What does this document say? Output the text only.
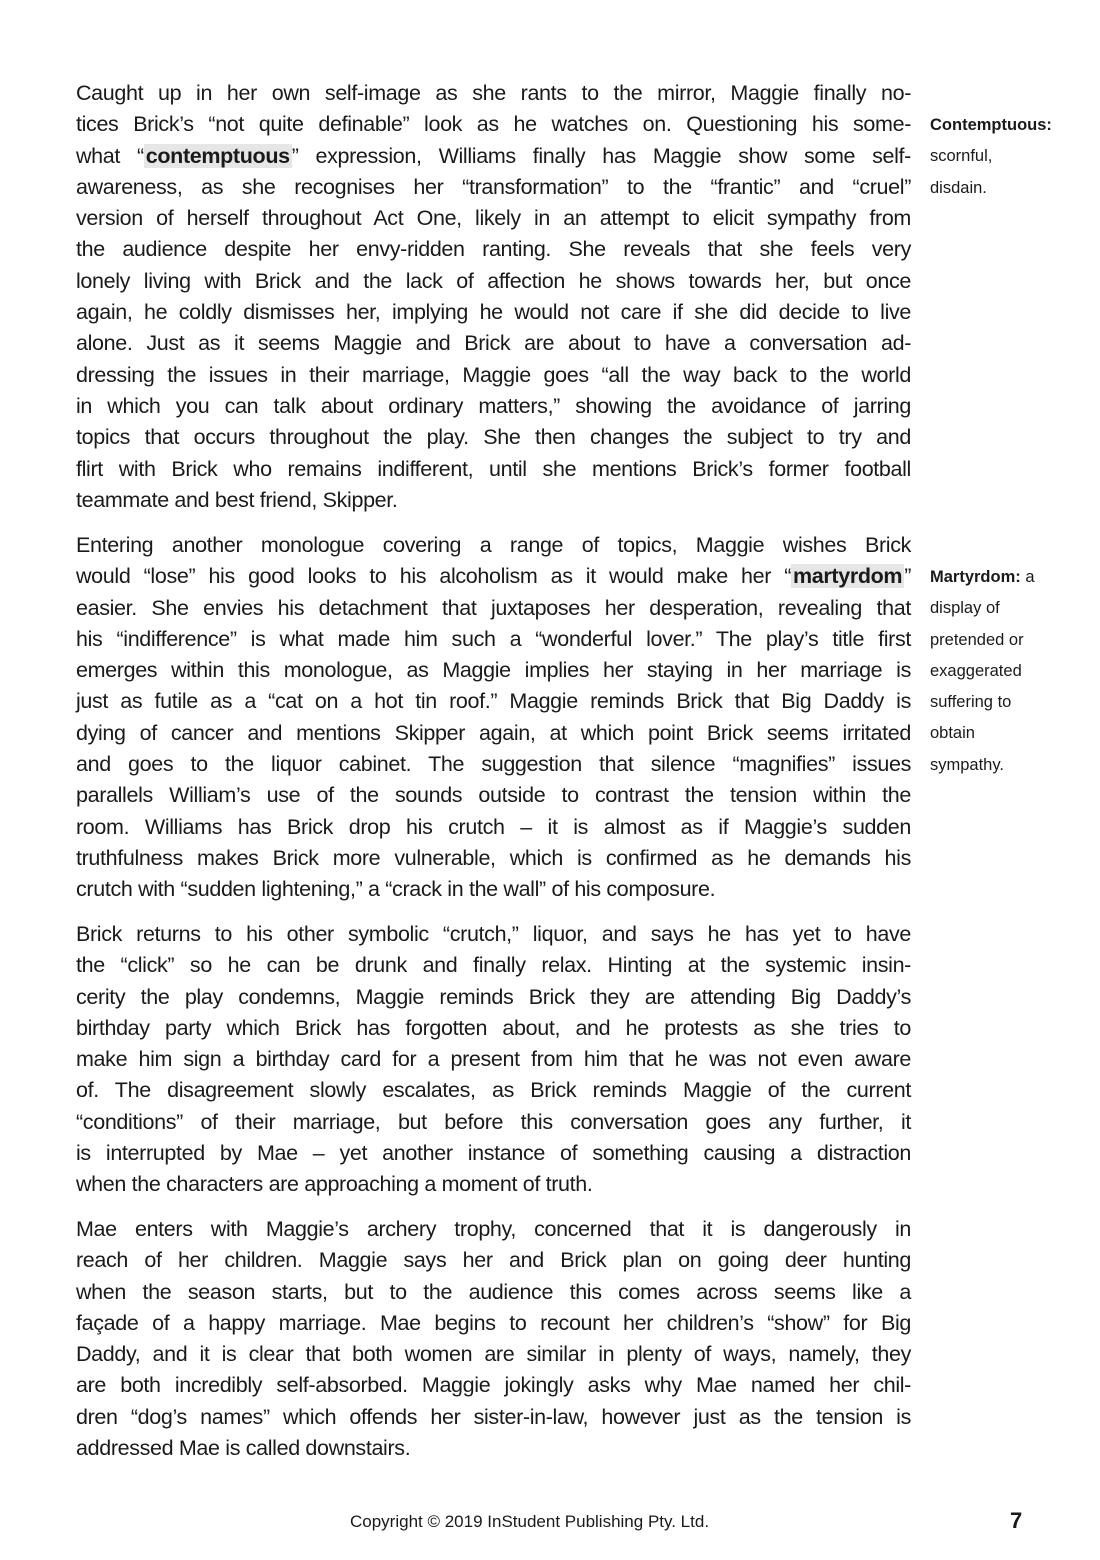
Caught up in her own self-image as she rants to the mirror, Maggie finally no-
tices Brick’s “not quite definable” look as he watches on. Questioning his some-
what “contemptuous” expression, Williams finally has Maggie show some self-
awareness, as she recognises her “transformation” to the “frantic” and “cruel”
version of herself throughout Act One, likely in an attempt to elicit sympathy from
the audience despite her envy-ridden ranting. She reveals that she feels very
lonely living with Brick and the lack of affection he shows towards her, but once
again, he coldly dismisses her, implying he would not care if she did decide to live
alone. Just as it seems Maggie and Brick are about to have a conversation ad-
dressing the issues in their marriage, Maggie goes “all the way back to the world
in which you can talk about ordinary matters,” showing the avoidance of jarring
topics that occurs throughout the play. She then changes the subject to try and
flirt with Brick who remains indifferent, until she mentions Brick’s former football
teammate and best friend, Skipper.
Entering another monologue covering a range of topics, Maggie wishes Brick
would “lose” his good looks to his alcoholism as it would make her “martyrdom”
easier. She envies his detachment that juxtaposes her desperation, revealing that
his “indifference” is what made him such a “wonderful lover.” The play’s title first
emerges within this monologue, as Maggie implies her staying in her marriage is
just as futile as a “cat on a hot tin roof.” Maggie reminds Brick that Big Daddy is
dying of cancer and mentions Skipper again, at which point Brick seems irritated
and goes to the liquor cabinet. The suggestion that silence “magnifies” issues
parallels William’s use of the sounds outside to contrast the tension within the
room. Williams has Brick drop his crutch – it is almost as if Maggie’s sudden
truthfulness makes Brick more vulnerable, which is confirmed as he demands his
crutch with “sudden lightening,” a “crack in the wall” of his composure.
Brick returns to his other symbolic “crutch,” liquor, and says he has yet to have
the “click” so he can be drunk and finally relax. Hinting at the systemic insin-
cerity the play condemns, Maggie reminds Brick they are attending Big Daddy’s
birthday party which Brick has forgotten about, and he protests as she tries to
make him sign a birthday card for a present from him that he was not even aware
of. The disagreement slowly escalates, as Brick reminds Maggie of the current
“conditions” of their marriage, but before this conversation goes any further, it
is interrupted by Mae – yet another instance of something causing a distraction
when the characters are approaching a moment of truth.
Mae enters with Maggie’s archery trophy, concerned that it is dangerously in
reach of her children. Maggie says her and Brick plan on going deer hunting
when the season starts, but to the audience this comes across seems like a
façade of a happy marriage. Mae begins to recount her children’s “show” for Big
Daddy, and it is clear that both women are similar in plenty of ways, namely, they
are both incredibly self-absorbed. Maggie jokingly asks why Mae named her chil-
dren “dog’s names” which offends her sister-in-law, however just as the tension is
addressed Mae is called downstairs.
Contemptuous:
scornful,
disdain.
Martyrdom: a
display of
pretended or
exaggerated
suffering to
obtain
sympathy.
Copyright © 2019 InStudent Publishing Pty. Ltd.	7
